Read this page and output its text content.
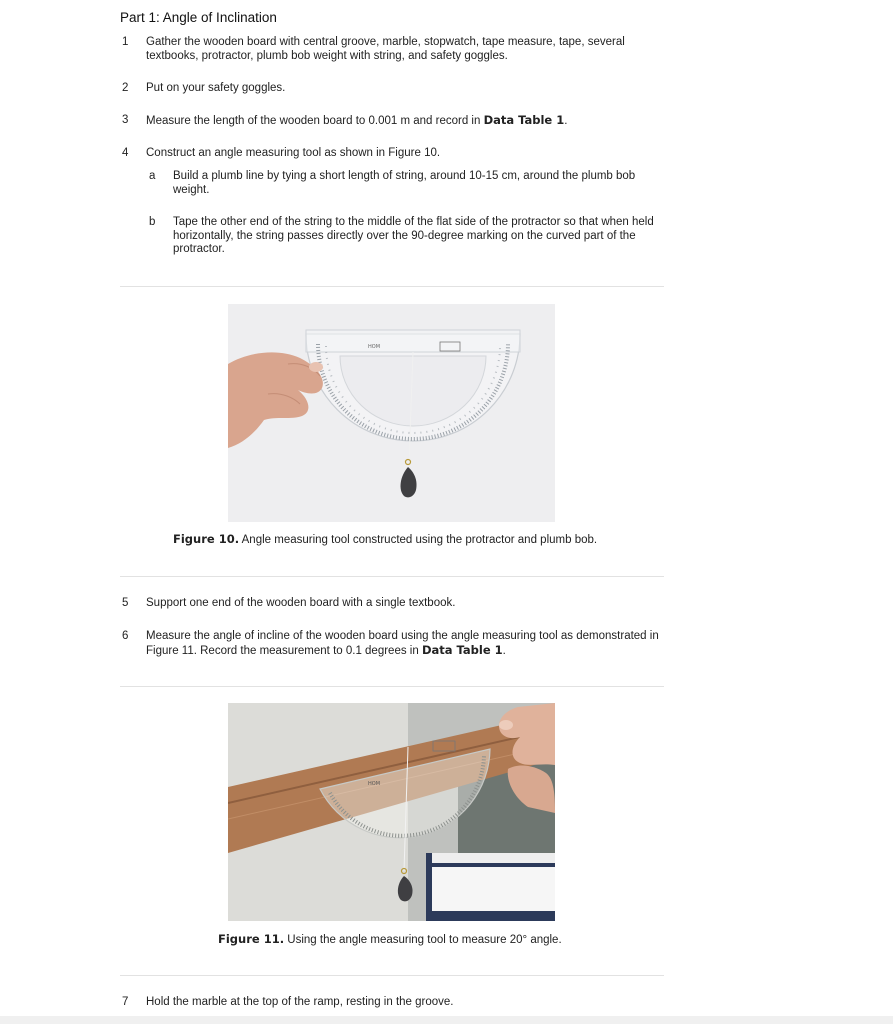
Part 1: Angle of Inclination
1	Gather the wooden board with central groove, marble, stopwatch, tape measure, tape, several textbooks, protractor, plumb bob weight with string, and safety goggles.
2	Put on your safety goggles.
3	Measure the length of the wooden board to 0.001 m and record in Data Table 1.
4	Construct an angle measuring tool as shown in Figure 10.
a Build a plumb line by tying a short length of string, around 10-15 cm, around the plumb bob weight.
b Tape the other end of the string to the middle of the flat side of the protractor so that when held horizontally, the string passes directly over the 90-degree marking on the curved part of the protractor.
HOM
Figure 10. Angle measuring tool constructed using the protractor and plumb bob.
5	Support one end of the wooden board with a single textbook.
6	Measure the angle of incline of the wooden board using the angle measuring tool as demonstrated in Figure 11. Record the measurement to 0.1 degrees in Data Table 1.
HOM
Figure 11. Using the angle measuring tool to measure 20° angle.
7	Hold the marble at the top of the ramp, resting in the groove.
